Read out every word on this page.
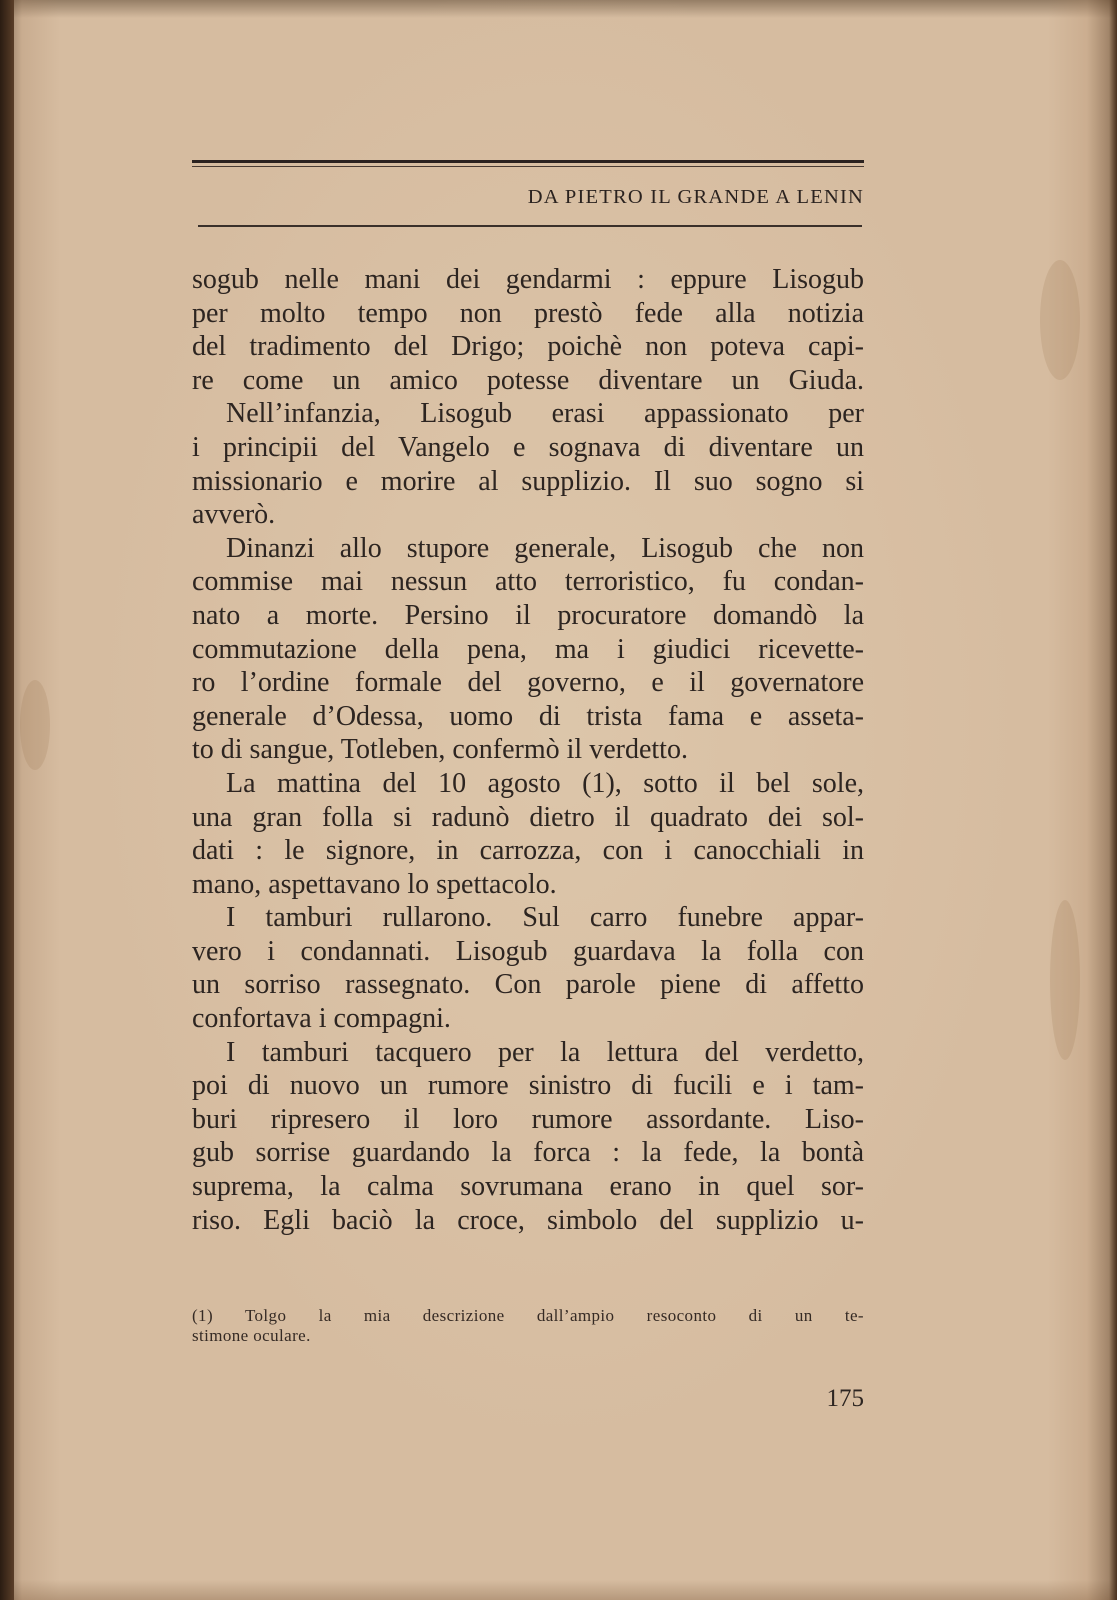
DA PIETRO IL GRANDE A LENIN
sogub nelle mani dei gendarmi : eppure Lisogub
per molto tempo non prestò fede alla notizia
del tradimento del Drigo; poichè non poteva capi-
re come un amico potesse diventare un Giuda.
Nell’infanzia, Lisogub erasi appassionato per
i principii del Vangelo e sognava di diventare un
missionario e morire al supplizio. Il suo sogno si
avverò.
Dinanzi allo stupore generale, Lisogub che non
commise mai nessun atto terroristico, fu condan-
nato a morte. Persino il procuratore domandò la
commutazione della pena, ma i giudici ricevette-
ro l’ordine formale del governo, e il governatore
generale d’Odessa, uomo di trista fama e asseta-
to di sangue, Totleben, confermò il verdetto.
La mattina del 10 agosto (1), sotto il bel sole,
una gran folla si radunò dietro il quadrato dei sol-
dati : le signore, in carrozza, con i canocchiali in
mano, aspettavano lo spettacolo.
I tamburi rullarono. Sul carro funebre appar-
vero i condannati. Lisogub guardava la folla con
un sorriso rassegnato. Con parole piene di affetto
confortava i compagni.
I tamburi tacquero per la lettura del verdetto,
poi di nuovo un rumore sinistro di fucili e i tam-
buri ripresero il loro rumore assordante. Liso-
gub sorrise guardando la forca : la fede, la bontà
suprema, la calma sovrumana erano in quel sor-
riso. Egli baciò la croce, simbolo del supplizio u-
(1) Tolgo la mia descrizione dall’ampio resoconto di un te-
stimone oculare.
175
